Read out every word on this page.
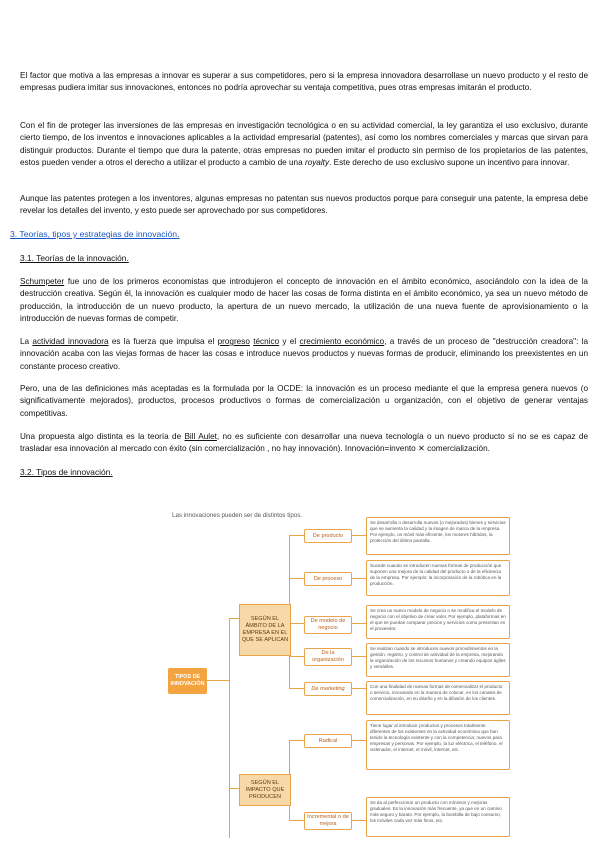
El factor que motiva a las empresas a innovar es superar a sus competidores, pero si la empresa innovadora desarrollase un nuevo producto y el resto de empresas pudiera imitar sus innovaciones, entonces no podría aprovechar su ventaja competitiva, pues otras empresas imitarán el producto.

Con el fin de proteger las inversiones de las empresas en investigación tecnológica o en su actividad comercial, la ley garantiza el uso exclusivo, durante cierto tiempo, de los inventos e innovaciones aplicables a la actividad empresarial (patentes), así como los nombres comerciales y marcas que sirvan para distinguir productos. Durante el tiempo que dura la patente, otras empresas no pueden imitar el producto sin permiso de los propietarios de las patentes, estos pueden vender a otros el derecho a utilizar el producto a cambio de una royalty. Este derecho de uso exclusivo supone un incentivo para innovar.

Aunque las patentes protegen a los inventores, algunas empresas no patentan sus nuevos productos porque para conseguir una patente, la empresa debe revelar los detalles del invento, y esto puede ser aprovechado por sus competidores.

3. Teorías, tipos y estrategias de innovación.

3.1. Teorías de la innovación.

Schumpeter fue uno de los primeros economistas que introdujeron el concepto de innovación en el ámbito económico, asociándolo con la idea de la destrucción creativa. Según él, la innovación es cualquier modo de hacer las cosas de forma distinta en el ámbito económico, ya sea un nuevo método de producción, la introducción de un nuevo producto, la apertura de un nuevo mercado, la utilización de una nueva fuente de aprovisionamiento o la introducción de nuevas formas de competir.

La actividad innovadora es la fuerza que impulsa el progreso técnico y el crecimiento económico, a través de un proceso de "destrucción creadora": la innovación acaba con las viejas formas de hacer las cosas e introduce nuevos productos y nuevas formas de producir, eliminando los preexistentes en un constante proceso creativo.

Pero, una de las definiciones más aceptadas es la formulada por la OCDE: la innovación es un proceso mediante el que la empresa genera nuevos (o significativamente mejorados), productos, procesos productivos o formas de comercialización u organización, con el objetivo de generar ventajas competitivas.

Una propuesta algo distinta es la teoría de Bill Aulet, no es suficiente con desarrollar una nueva tecnología o un nuevo producto si no se es capaz de trasladar esa innovación al mercado con éxito (sin comercialización , no hay innovación). Innovación=invento ✕ comercialización.

3.2. Tipos de innovación.

Las innovaciones pueden ser de distintos tipos.
TIPOS DE INNOVACIÓN
SEGÚN EL ÁMBITO DE LA EMPRESA EN EL QUE SE APLICAN
SEGÚN EL IMPACTO QUE PRODUCEN
De producto
De proceso
De modelo de negocio
De la organización
De marketing
Radical
Incremental o de mejora
Se desarrolla o desarrolla nuevos (o mejorados) bienes y servicios que se aumenta la calidad y la imagen de marca de la empresa. Por ejemplo, un móvil más eficiente, los motores híbridos, la protección del último pantalla.
Sucede cuando se introducen nuevas formas de producción que suponen una mejora de la calidad del producto o de la eficiencia de la empresa. Por ejemplo: la incorporación de la robótica en la producción.
Se crea un nuevo modelo de negocio o se modifica el modelo de negocio con el objetivo de crear valor. Por ejemplo, plataformas en el que se puedan comparar precios y servicios como presentan en el proveedor.
Se realizan cuando se introducen nuevos procedimientos en la gestión, registro, y control de actividad de la empresa, mejorando la organización de los recursos humanos y creando equipos ágiles y versátiles.
Con una finalidad de nuevas formas de comercializar el producto o servicio, innovando en la manera de colocar, en los canales de comercialización, en su diseño y en la difusión de los clientes.
Tiene lugar al introducir productos y procesos totalmente diferentes de los existentes en la actividad económica que han tenido la tecnología existente y con la competencia; nuevos para empresas y personas. Por ejemplo, la luz eléctrica, el teléfono, el ordenador, el internet, el móvil, internet, etc.
Se da al perfeccionar un producto con mínimos y mejoras graduales. Es la innovación más frecuente, ya que en un camino más seguro y barato. Por ejemplo, la bombilla de bajo consumo, los móviles cada vez más finos, etc.
